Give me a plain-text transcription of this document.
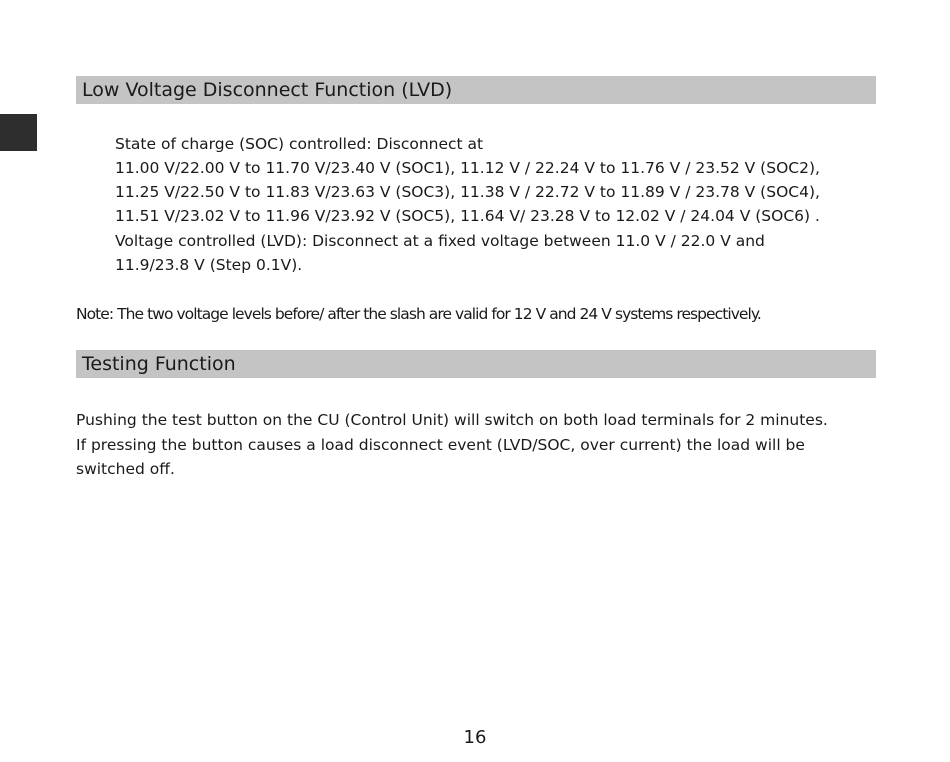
Low Voltage Disconnect Function (LVD)

State of charge (SOC) controlled: Disconnect at

11.00 V/22.00 V to 11.70 V/23.40 V (SOC1), 11.12 V / 22.24 V to 11.76 V / 23.52 V (SOC2),

11.25 V/22.50 V to 11.83 V/23.63 V (SOC3), 11.38 V / 22.72 V to 11.89 V / 23.78 V (SOC4),

11.51 V/23.02 V to 11.96 V/23.92 V (SOC5), 11.64 V/ 23.28 V to 12.02 V / 24.04 V (SOC6) .

Voltage controlled (LVD): Disconnect at a fixed voltage between 11.0 V / 22.0 V and

11.9/23.8 V (Step 0.1V).

Note: The two voltage levels before/ after the slash are valid for 12 V and 24 V systems respectively.
Testing Function

Pushing the test button on the CU (Control Unit) will switch on both load terminals for 2 minutes.

If pressing the button causes a load disconnect event (LVD/SOC, over current) the load will be switched off.

16
